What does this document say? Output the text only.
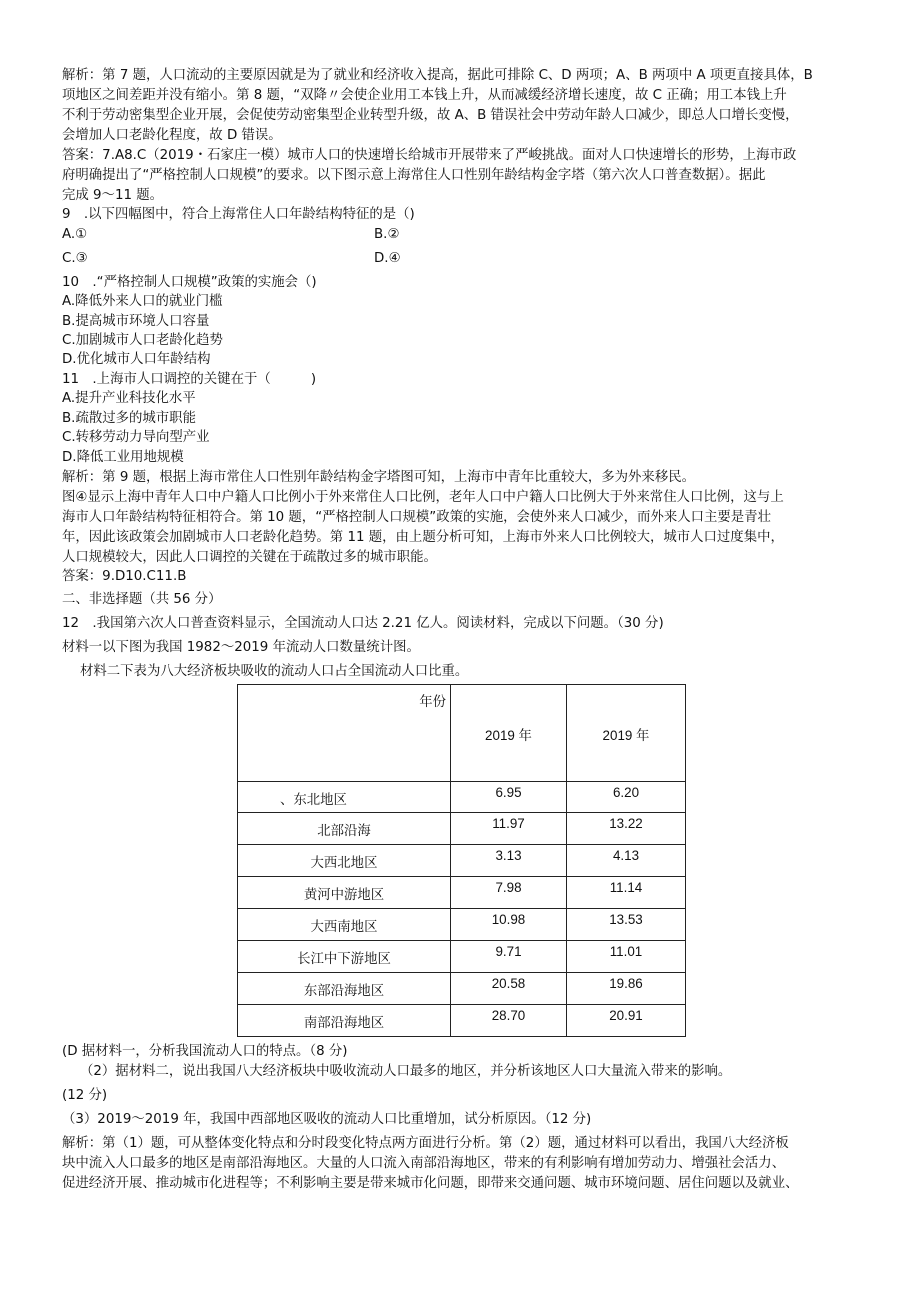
解析：第 7 题，人口流动的主要原因就是为了就业和经济收入提高，据此可排除 C、D 两项；A、B 两项中 A 项更直接具体，B
项地区之间差距并没有缩小。第 8 题，“双降〃会使企业用工本钱上升，从而减缓经济增长速度，故 C 正确；用工本钱上升
不利于劳动密集型企业开展，会促使劳动密集型企业转型升级，故 A、B 错误社会中劳动年龄人口减少，即总人口增长变慢，
会增加人口老龄化程度，故 D 错误。
答案：7.A8.C（2019・石家庄一模）城市人口的快速增长给城市开展带来了严峻挑战。面对人口快速增长的形势，上海市政
府明确提出了“严格控制人口规模”的要求。以下图示意上海常住人口性别年龄结构金字塔（第六次人口普查数据）。据此
完成 9～11 题。
9　.以下四幅图中，符合上海常住人口年龄结构特征的是（)
A.①	B.②
C.③	D.④
10　.“严格控制人口规模”政策的实施会（)
A.降低外来人口的就业门槛
B.提高城市环境人口容量
C.加剧城市人口老龄化趋势
D.优化城市人口年龄结构
11　.上海市人口调控的关键在于（　　　)
A.提升产业科技化水平
B.疏散过多的城市职能
C.转移劳动力导向型产业
D.降低工业用地规模
解析：第 9 题，根据上海市常住人口性别年龄结构金字塔图可知，上海市中青年比重较大，多为外来移民。
图④显示上海中青年人口中户籍人口比例小于外来常住人口比例，老年人口中户籍人口比例大于外来常住人口比例，这与上
海市人口年龄结构特征相符合。第 10 题，“严格控制人口规模”政策的实施，会使外来人口减少，而外来人口主要是青壮
年，因此该政策会加剧城市人口老龄化趋势。第 11 题，由上题分析可知，上海市外来人口比例较大，城市人口过度集中，
人口规模较大，因此人口调控的关键在于疏散过多的城市职能。
答案：9.D10.C11.B
二、非选择题（共 56 分）
12　.我国第六次人口普查资料显示，全国流动人口达 2.21 亿人。阅读材料，完成以下问题。（30 分)
材料一以下图为我国 1982～2019 年流动人口数量统计图。
材料二下表为八大经济板块吸收的流动人口占全国流动人口比重。
年份	2019 年	2019 年
、东北地区	6.95	6.20
北部沿海	11.97	13.22
大西北地区	3.13	4.13
黄河中游地区	7.98	11.14
大西南地区	10.98	13.53
长江中下游地区	9.71	11.01
东部沿海地区	20.58	19.86
南部沿海地区	28.70	20.91
(D 据材料一，分析我国流动人口的特点。（8 分)
（2）据材料二，说出我国八大经济板块中吸收流动人口最多的地区，并分析该地区人口大量流入带来的影响。
(12 分)
（3）2019～2019 年，我国中西部地区吸收的流动人口比重增加，试分析原因。（12 分)
解析：第（1）题，可从整体变化特点和分时段变化特点两方面进行分析。第（2）题，通过材料可以看出，我国八大经济板
块中流入人口最多的地区是南部沿海地区。大量的人口流入南部沿海地区，带来的有利影响有增加劳动力、增强社会活力、
促进经济开展、推动城市化进程等；不利影响主要是带来城市化问题，即带来交通问题、城市环境问题、居住问题以及就业、
